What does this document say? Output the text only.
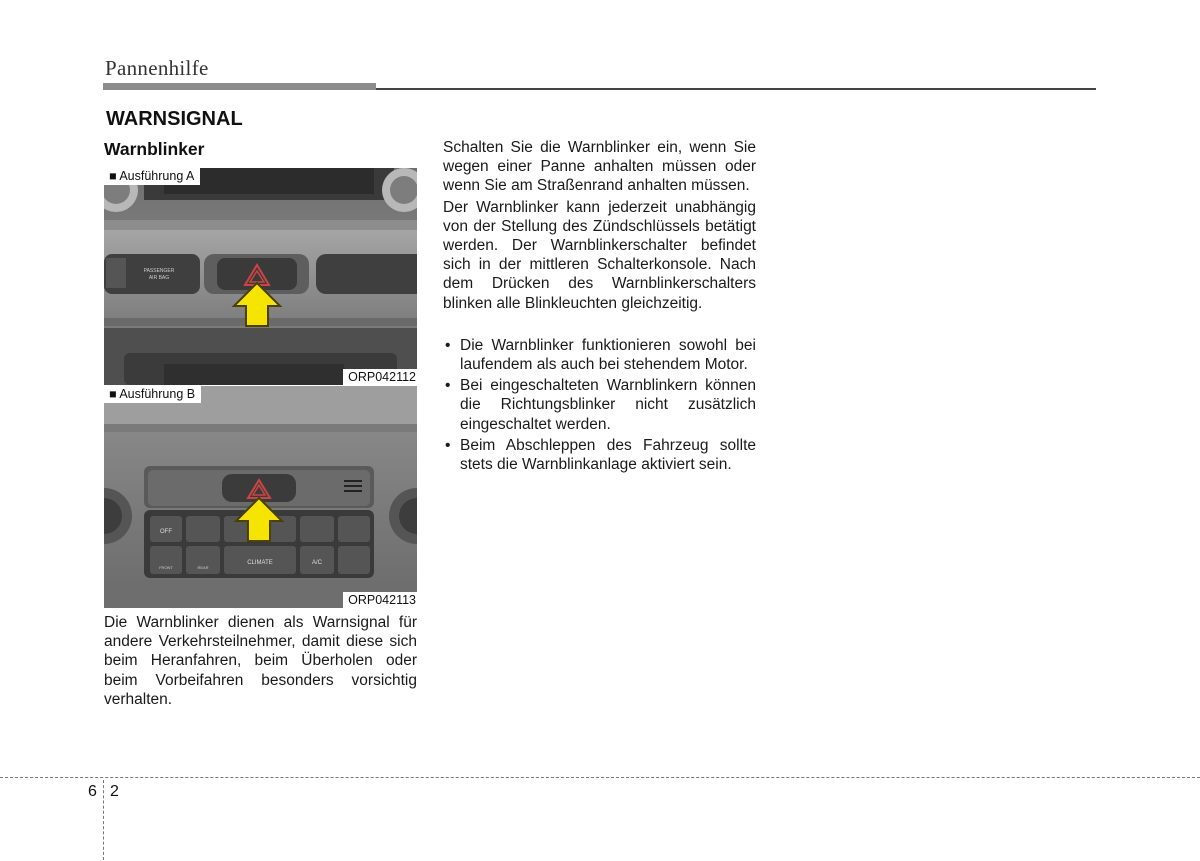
Pannenhilfe
WARNSIGNAL
Warnblinker
PASSENGER
AIR BAG
■ Ausführung A
ORP042112
OFF
FRONT	REAR
CLIMATE	A/C
■ Ausführung B
ORP042113

Die Warnblinker dienen als Warnsignal für andere Verkehrsteilnehmer, damit diese sich beim Heranfahren, beim Überholen oder beim Vorbeifahren besonders vorsichtig verhalten.

Schalten Sie die Warnblinker ein, wenn Sie wegen einer Panne anhalten müssen oder wenn Sie am Straßenrand anhalten müssen.

Der Warnblinker kann jederzeit unabhängig von der Stellung des Zündschlüssels betätigt werden. Der Warnblinkerschalter befindet sich in der mittleren Schalterkonsole. Nach dem Drücken des Warnblinkerschalters blinken alle Blinkleuchten gleichzeitig.

• Die Warnblinker funktionieren sowohl bei laufendem als auch bei stehendem Motor.
• Bei eingeschalteten Warnblinkern können die Richtungsblinker nicht zusätzlich eingeschaltet werden.
• Beim Abschleppen des Fahrzeug sollte stets die Warnblinkanlage aktiviert sein.
6 2
